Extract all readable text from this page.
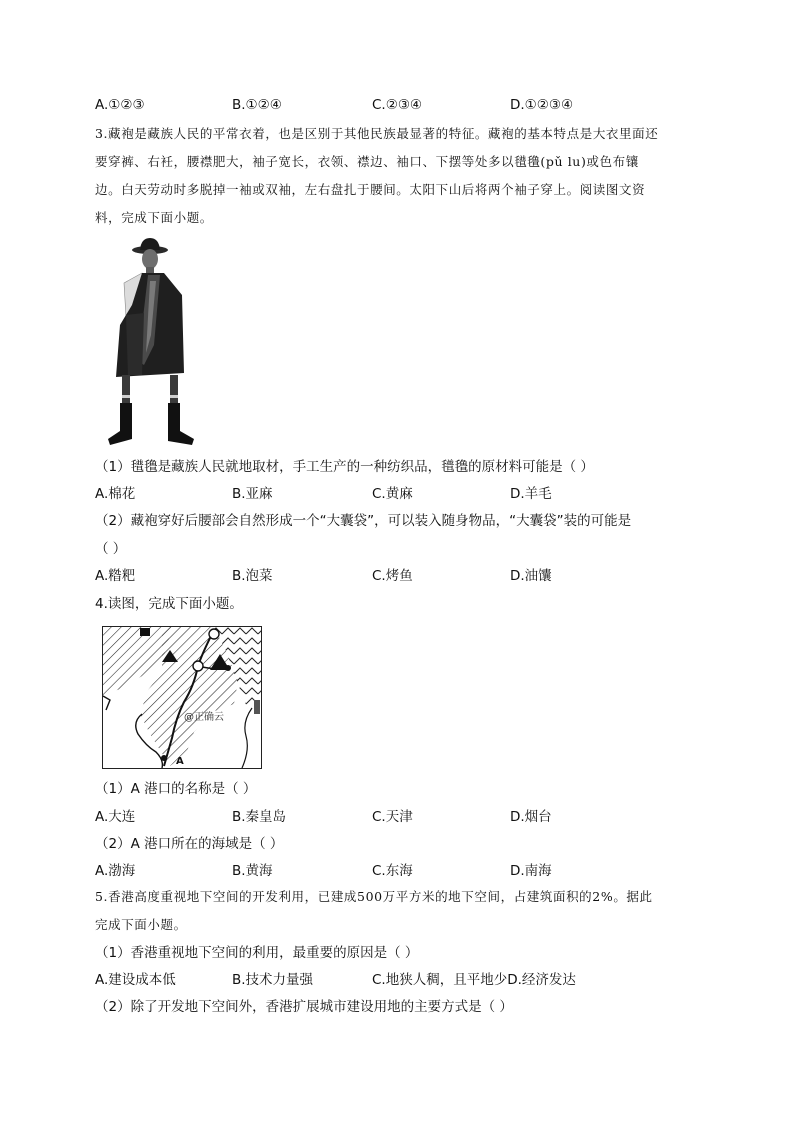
A.①②③	B.①②④	C.②③④	D.①②③④
3.藏袍是藏族人民的平常衣着，也是区别于其他民族最显著的特征。藏袍的基本特点是大衣里面还
要穿裤、右衽，腰襟肥大，袖子宽长，衣领、襟边、袖口、下摆等处多以氆氇(pǔ lu)或色布镶
边。白天劳动时多脱掉一袖或双袖，左右盘扎于腰间。太阳下山后将两个袖子穿上。阅读图文资
料，完成下面小题。
（1）氆氇是藏族人民就地取材，手工生产的一种纺织品，氆氇的原材料可能是（ ）
A.棉花	B.亚麻	C.黄麻	D.羊毛
（2）藏袍穿好后腰部会自然形成一个“大囊袋”，可以装入随身物品，“大囊袋”装的可能是
（ ）
A.糌粑	B.泡菜	C.烤鱼	D.油馕
4.读图，完成下面小题。
@正确云
A
（1）A 港口的名称是（ ）
A.大连	B.秦皇岛	C.天津	D.烟台
（2）A 港口所在的海域是（ ）
A.渤海	B.黄海	C.东海	D.南海
5.香港高度重视地下空间的开发利用，已建成500万平方米的地下空间，占建筑面积的2%。据此
完成下面小题。
（1）香港重视地下空间的利用，最重要的原因是（ ）
A.建设成本低	B.技术力量强	C.地狭人稠，且平地少D.经济发达
（2）除了开发地下空间外，香港扩展城市建设用地的主要方式是（ ）
